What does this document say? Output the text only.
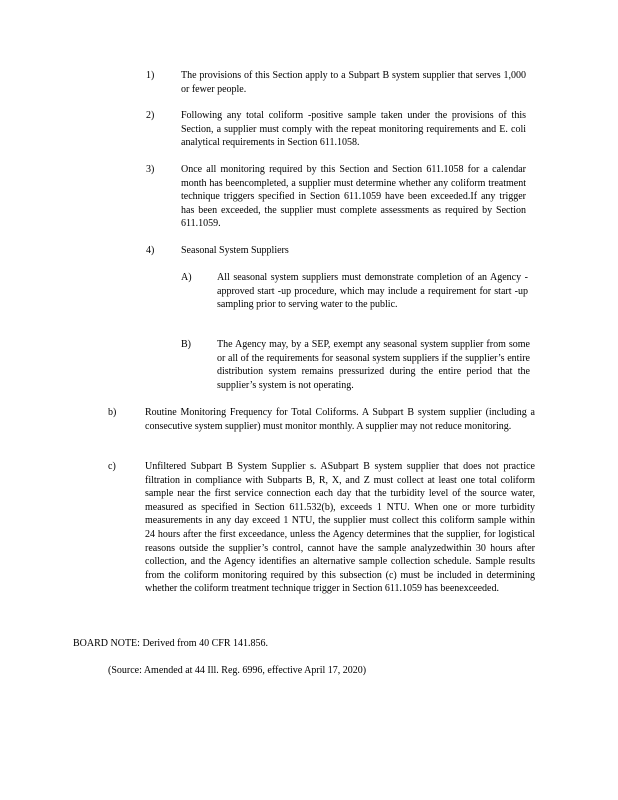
1)	The provisions of this Section apply to a Subpart B system supplier that serves 1,000 or fewer people.
2)	Following any total coliform -positive sample taken under the provisions of this Section, a supplier must comply with the repeat monitoring requirements and E. coli analytical requirements in Section 611.1058.
3)	Once all monitoring required by this Section and Section 611.1058 for a calendar month has beencompleted, a supplier must determine whether any coliform treatment technique triggers specified in Section 611.1059 have been exceeded.If any trigger has been exceeded, the supplier must complete assessments as required by Section 611.1059.
4)	Seasonal System Suppliers
A)	All seasonal system suppliers must demonstrate completion of an Agency -approved start -up procedure, which may include a requirement for start -up sampling prior to serving water to the public.
B)	The Agency may, by a SEP, exempt any seasonal system supplier from some or all of the requirements for seasonal system suppliers if the supplier’s entire distribution system remains pressurized during the entire period that the supplier’s system is not operating.
b)	Routine Monitoring Frequency for Total Coliforms. A Subpart B system supplier (including a consecutive system supplier) must monitor monthly. A supplier may not reduce monitoring.
c)	Unfiltered Subpart B System Supplier s. ASubpart B system supplier that does not practice filtration in compliance with Subparts B, R, X, and Z must collect at least one total coliform sample near the first service connection each day that the turbidity level of the source water, measured as specified in Section 611.532(b), exceeds 1 NTU. When one or more turbidity measurements in any day exceed 1 NTU, the supplier must collect this coliform sample within 24 hours after the first exceedance, unless the Agency determines that the supplier, for logistical reasons outside the supplier’s control, cannot have the sample analyzedwithin 30 hours after collection, and the Agency identifies an alternative sample collection schedule. Sample results from the coliform monitoring required by this subsection (c) must be included in determining whether the coliform treatment technique trigger in Section 611.1059 has beenexceeded.
BOARD NOTE: Derived from 40 CFR 141.856.
(Source: Amended at 44 Ill. Reg. 6996, effective April 17, 2020)
